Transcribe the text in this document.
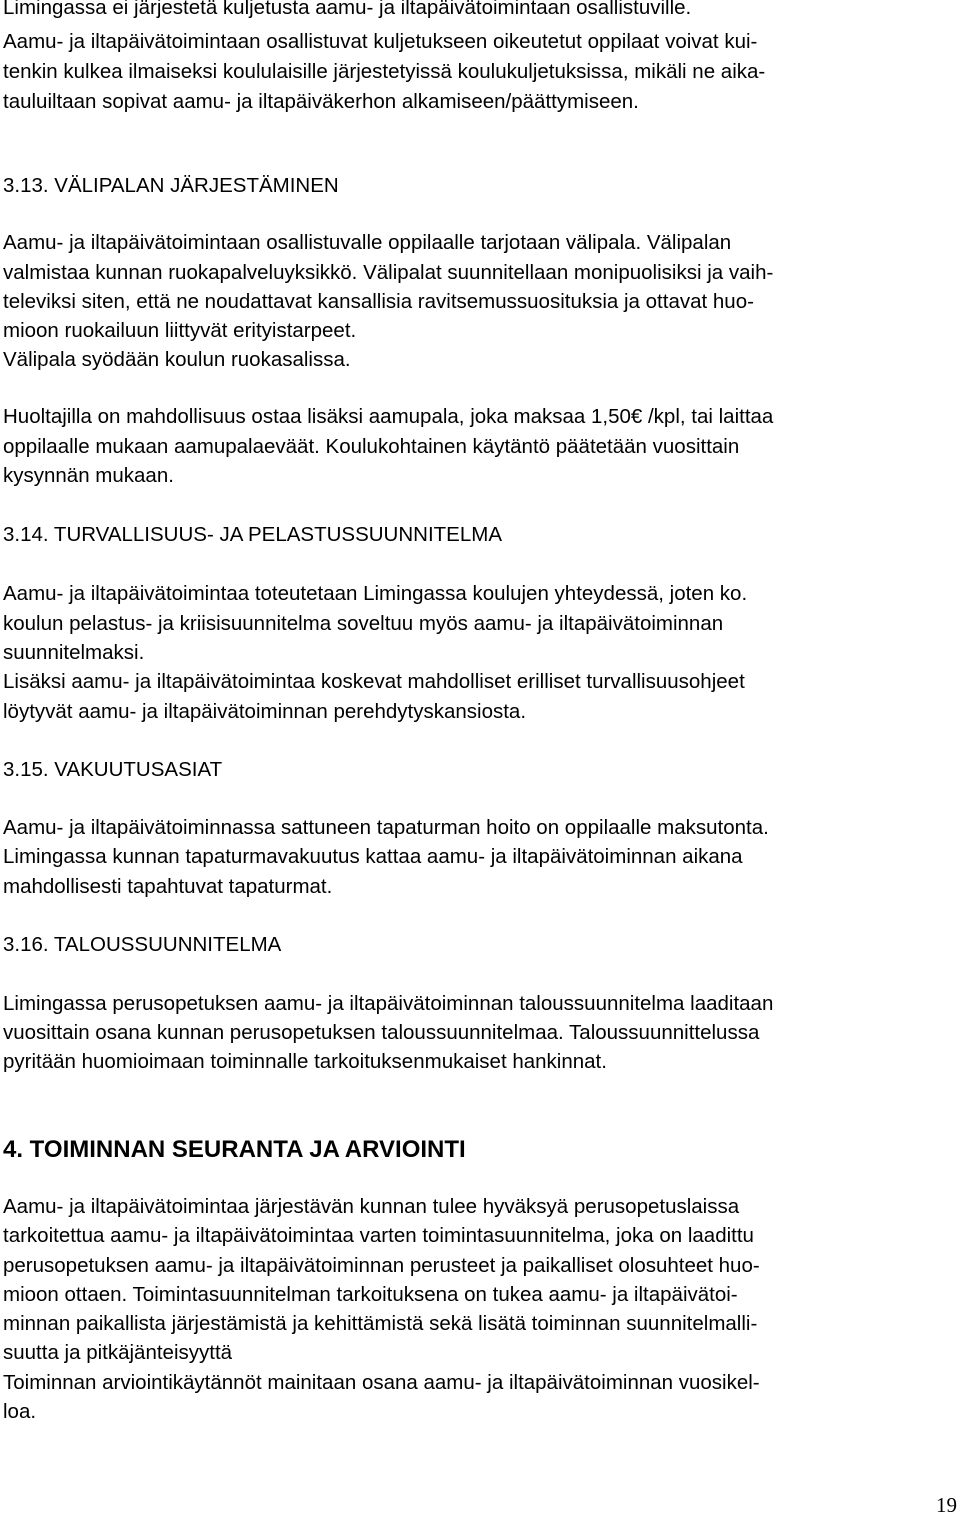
Limingassa ei järjestetä kuljetusta aamu- ja iltapäivätoimintaan osallistuville.
Aamu- ja iltapäivätoimintaan osallistuvat kuljetukseen oikeutetut oppilaat voivat kui-
tenkin kulkea ilmaiseksi koululaisille järjestetyissä koulukuljetuksissa, mikäli ne aika-
tauluiltaan sopivat aamu- ja iltapäiväkerhon alkamiseen/päättymiseen.
3.13. VÄLIPALAN JÄRJESTÄMINEN
Aamu- ja iltapäivätoimintaan osallistuvalle oppilaalle tarjotaan välipala. Välipalan
valmistaa kunnan ruokapalveluyksikkö. Välipalat suunnitellaan monipuolisiksi ja vaih-
televiksi siten, että ne noudattavat kansallisia ravitsemussuosituksia ja ottavat huo-
mioon ruokailuun liittyvät erityistarpeet.
Välipala syödään koulun ruokasalissa.
Huoltajilla on mahdollisuus ostaa lisäksi aamupala, joka maksaa 1,50€ /kpl, tai laittaa
oppilaalle mukaan aamupalaeväät. Koulukohtainen käytäntö päätetään vuosittain
kysynnän mukaan.
3.14. TURVALLISUUS- JA PELASTUSSUUNNITELMA
Aamu- ja iltapäivätoimintaa toteutetaan Limingassa koulujen yhteydessä, joten ko.
koulun pelastus- ja kriisisuunnitelma soveltuu myös aamu- ja iltapäivätoiminnan
suunnitelmaksi.
Lisäksi aamu- ja iltapäivätoimintaa koskevat mahdolliset erilliset turvallisuusohjeet
löytyvät aamu- ja iltapäivätoiminnan perehdytyskansiosta.
3.15. VAKUUTUSASIAT
Aamu- ja iltapäivätoiminnassa sattuneen tapaturman hoito on oppilaalle maksutonta.
Limingassa kunnan tapaturmavakuutus kattaa aamu- ja iltapäivätoiminnan aikana
mahdollisesti tapahtuvat tapaturmat.
3.16. TALOUSSUUNNITELMA
Limingassa perusopetuksen aamu- ja iltapäivätoiminnan taloussuunnitelma laaditaan
vuosittain osana kunnan perusopetuksen taloussuunnitelmaa. Taloussuunnittelussa
pyritään huomioimaan toiminnalle tarkoituksenmukaiset hankinnat.
4. TOIMINNAN SEURANTA JA ARVIOINTI
Aamu- ja iltapäivätoimintaa järjestävän kunnan tulee hyväksyä perusopetuslaissa
tarkoitettua aamu- ja iltapäivätoimintaa varten toimintasuunnitelma, joka on laadittu
perusopetuksen aamu- ja iltapäivätoiminnan perusteet ja paikalliset olosuhteet huo-
mioon ottaen. Toimintasuunnitelman tarkoituksena on tukea aamu- ja iltapäivätoi-
minnan paikallista järjestämistä ja kehittämistä sekä lisätä toiminnan suunnitelmalli-
suutta ja pitkäjänteisyyttä
Toiminnan arviointikäytännöt mainitaan osana aamu- ja iltapäivätoiminnan vuosikel-
loa.
19
